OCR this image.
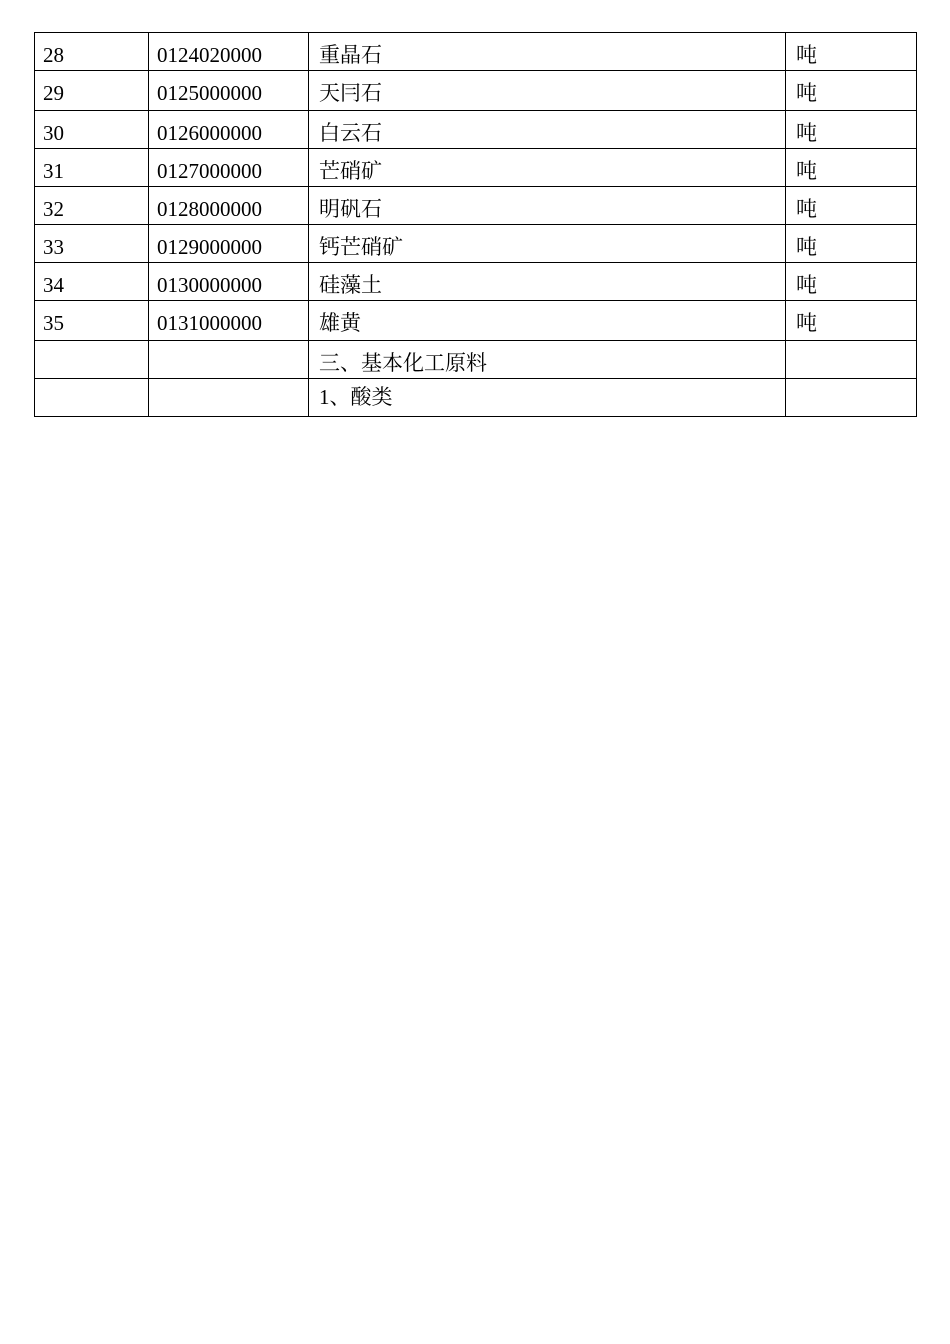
28	0124020000	重晶石	吨
29	0125000000	天冃石	吨
30	0126000000	白云石	吨
31	0127000000	芒硝矿	吨
32	0128000000	明矾石	吨
33	0129000000	钙芒硝矿	吨
34	0130000000	硅藻土	吨
35	0131000000	雄黄	吨
		三、基本化工原料	
		1、酸类	
